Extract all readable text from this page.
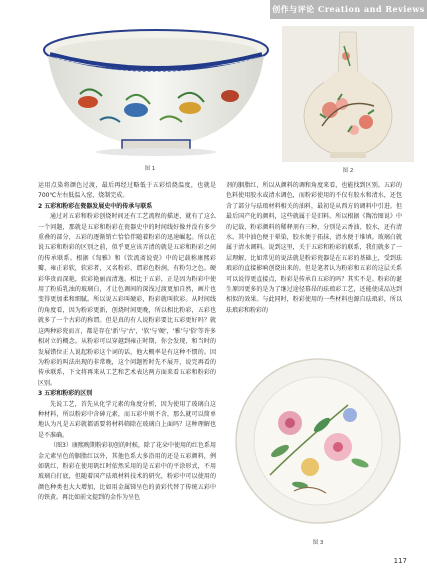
创作与评论 Creation and Reviews
图 1	图 2

运用点染将颜色过渡，最后再经过略低于五彩焙烧温度，也就是700℃左右低温入窑，烧制完成。

2 五彩和粉彩在瓷器发展史中的传承与联系

通过对五彩和粉彩创烧时间还有工艺流程的描述，就有了这么一个问题，那就是五彩和粉彩在瓷器史中的时间线好像并没有多少重叠的部分，五彩的逐渐销亡恰恰伴随着粉彩的迅速崛起。所以在说五彩和粉彩的区别之前，似乎更应该弄清的就是五彩和粉彩之间的传承联系。根据《匋雅》和《饮流斋说瓷》中的记载称康熙彩瓣，雍正彩软，软彩者，又名粉彩，谓彩色粉润，有粉匀之色。硬彩华贵而深艳，软彩艳丽而清逸。相比于五彩，正是因为粉彩中使用了粉质乳浊的玻璃白，才让色调间的深浅过渡更加自然，画片也变得更加柔和细腻。所以说五彩叫硬彩，粉彩就叫软彩。从时间线的角度看，因为粉彩更新，创烧时间更晚，所以相比粉彩，五彩也就多了一个古彩的称谓。但是真的有人说粉彩要比五彩更好吗？就这两种彩瓷而言，都是存在'新'与'古'，'软'与'硬'，'雅'与'俗'等许多相对立的概念。从粉彩可以穿越到雍正时期，你会发现，和当时的发展错位正人说起粉彩这个词的话，他大概率是有这种不惯的。因为粉彩的叫法出现的非常晚，这个问题暂时先不展开，说完再看的传承联系，下文将再来从工艺和艺术表达两方面来看五彩和粉彩的区别。

3 五彩和粉彩的区别

先说工艺，首先从化学元素的角度分析，因为使用了玻璃白这种材料，所以粉彩中含砷元素，而五彩中则不含，那么就可以简单地认为凡是五彩就都需要将材料筛除在玻璃白上面吗？这种理解也是不准确。

（图3）康熙晚期粉彩初创的时候，除了花朵中使用的红色系用金元素呈色的胭脂红以外，其他色系大多沿用的还是五彩颜料，例如矾红，粉彩在使用矾红时依然采用的是五彩中的平涂形式，不用玻璃白打底，但随着国产珐琅材料技术的研究，粉彩中可以使用的颜色种类也大大增加，比如用金属锑呈色的黄彩代替了传统五彩中的铁黄。再比如前文提到的金作为呈色

剂的胭脂红，所以从颜料的调和角度来看，也能找到区别。五彩的色料使用胶水或清水调色，而粉彩使用的不仅有胶水和清水，还包含了部分与珐琅材料相关的油料，最初是从西方的调料中引进。但最后国产化的颜料，这些就属于是旧料。所以根据《陶冶图说》中的记载，粉彩颜料的稀释剂有三种，分别是云香油、胶水，还有清水。其中油色便于晕染，胶水便于拓抹，清水便于堆填。玻璃白就属于清水调料。说到这里，关于五彩和粉彩的联系，我们就多了一层理解，比如常见的说法就是粉彩瓷器是在五彩的基础上，受到珐琅彩的直接影响创烧出来的。但是笔者认为粉彩和五彩的这层关系可以说得更直接点，粉彩是传承自五彩的吗？其实不是。粉彩的诞生原因更多的是为了继过途径幕昂的珐琅彩工艺，还能使成品达到相似的效果。与此同时，粉彩使用的一些材料也源自珐琅彩，所以珐琅彩和粉彩的

图 3
117
